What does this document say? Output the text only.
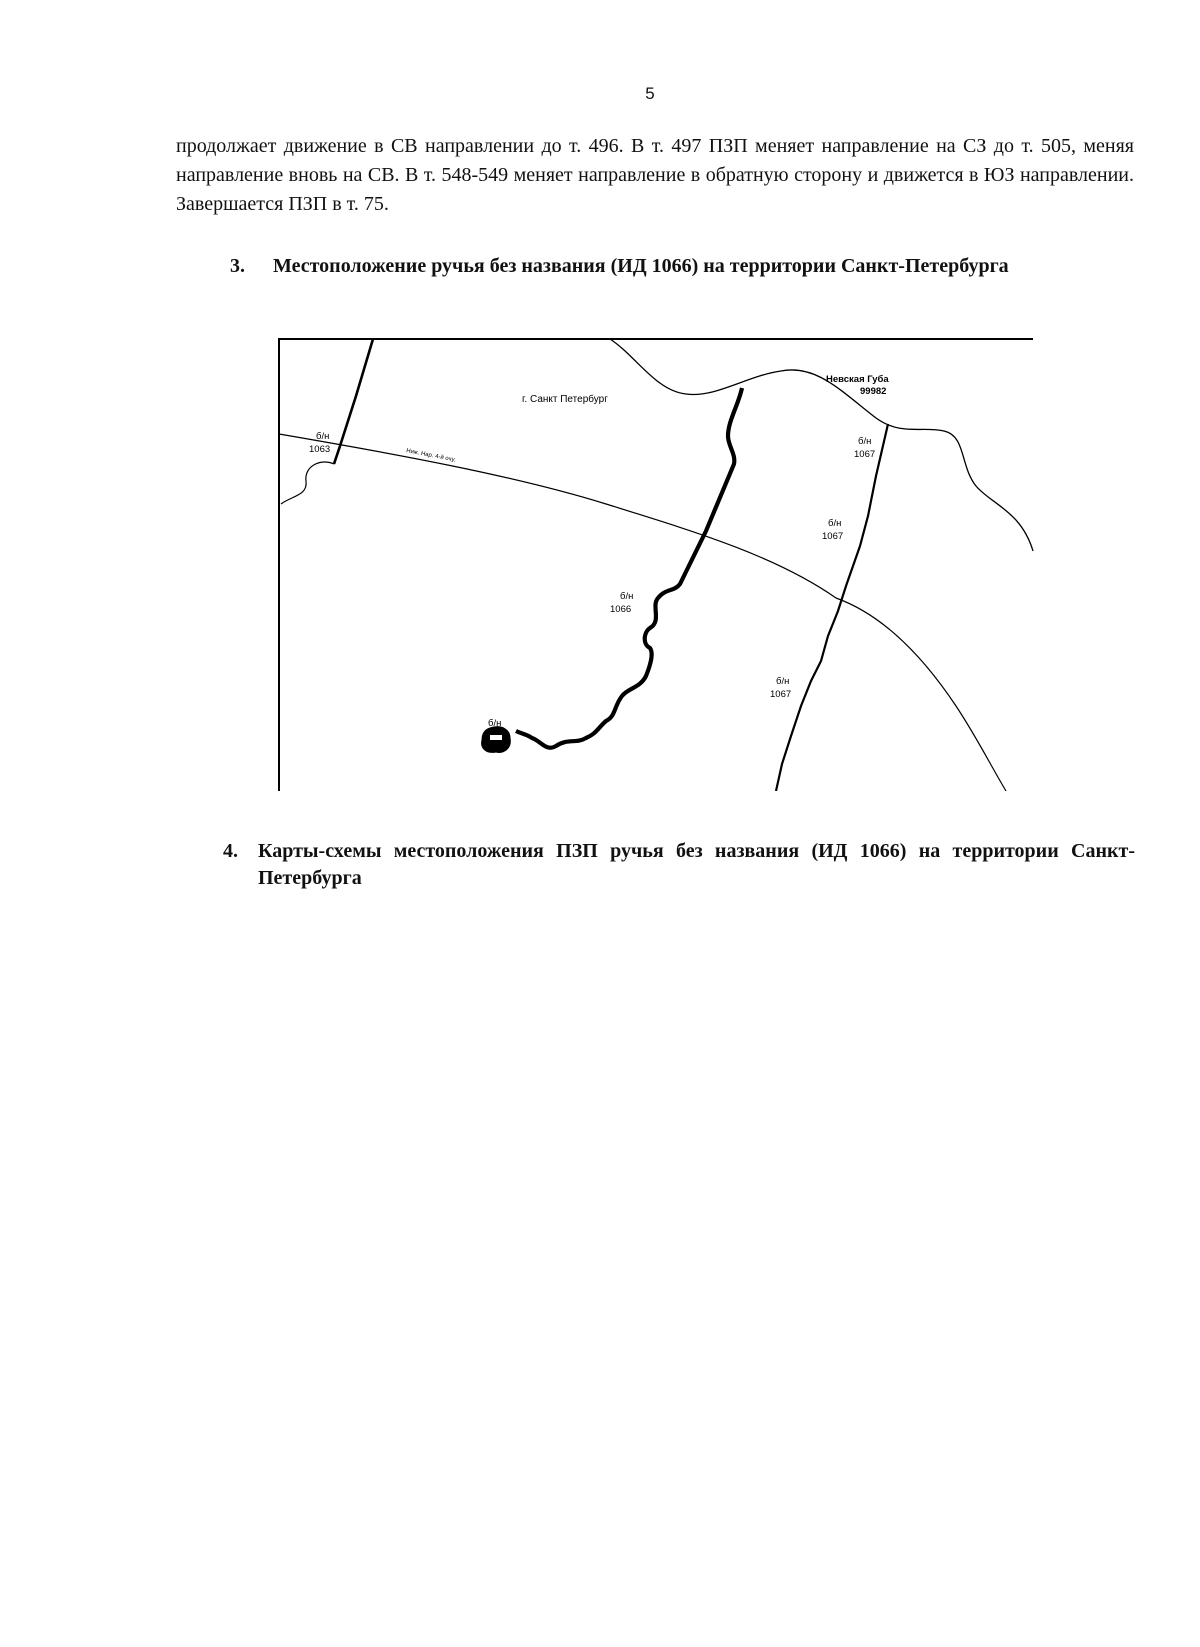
5
продолжает движение в СВ направлении до т. 496. В т. 497 ПЗП меняет направление на СЗ до т. 505, меняя направление вновь на СВ. В т. 548-549 меняет направление в обратную сторону и движется в ЮЗ направлении. Завершается ПЗП в т. 75.
3. Местоположение ручья без названия (ИД 1066) на территории Санкт-Петербурга
г. Санкт Петербург
Невская Губа
99982
Ниж. Нар. 4-й очу.
б/н
1063
б/н
1067
б/н
1067
б/н
1066
б/н
1067
б/н
4. Карты-схемы местоположения ПЗП ручья без названия (ИД 1066) на территории Санкт-Петербурга
